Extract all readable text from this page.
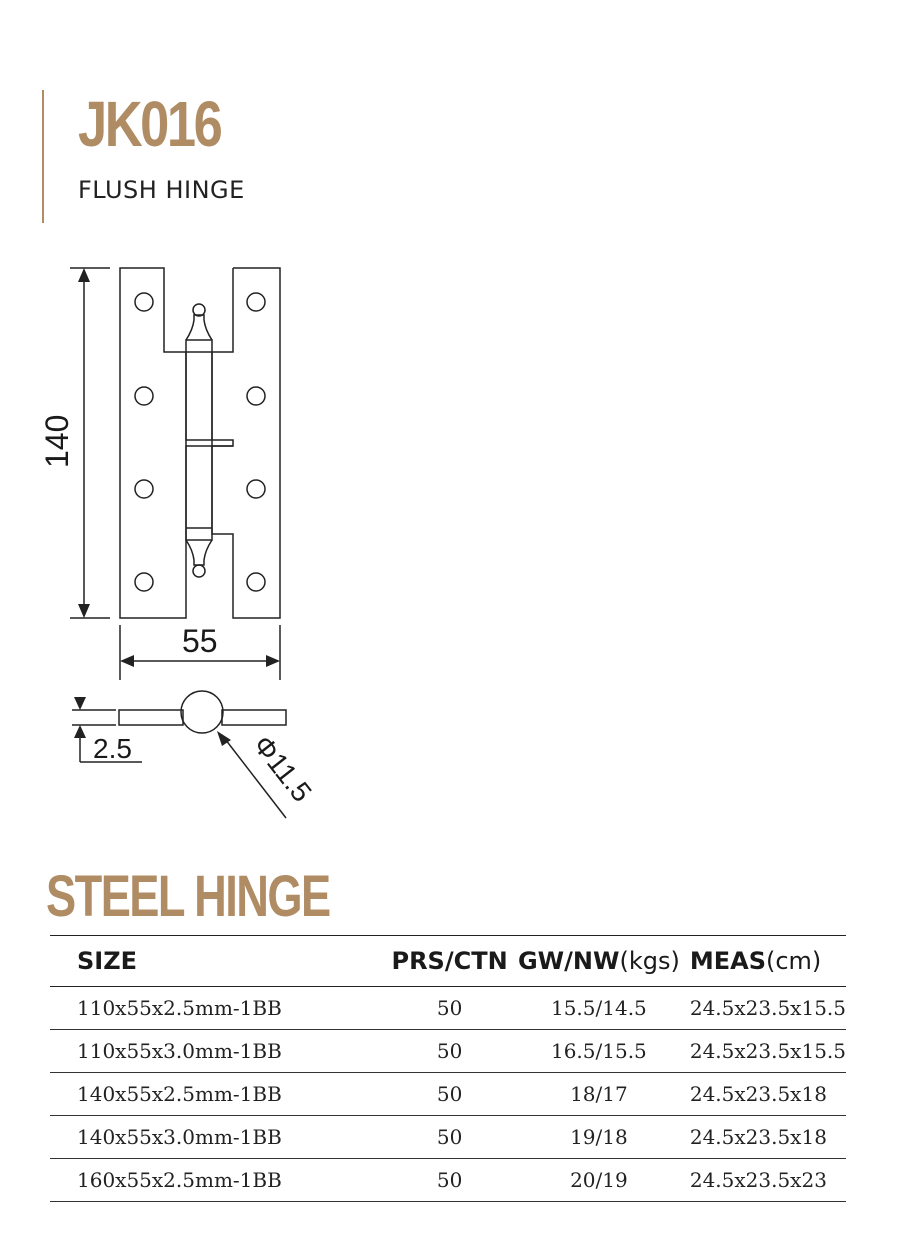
JK016
FLUSH HINGE
140
55
2.5	Φ11.5
STEEL HINGE
SIZE	PRS/CTN	GW/NW(kgs)	MEAS(cm)
110x55x2.5mm-1BB	50	15.5/14.5	24.5x23.5x15.5
110x55x3.0mm-1BB	50	16.5/15.5	24.5x23.5x15.5
140x55x2.5mm-1BB	50	18/17	24.5x23.5x18
140x55x3.0mm-1BB	50	19/18	24.5x23.5x18
160x55x2.5mm-1BB	50	20/19	24.5x23.5x23
